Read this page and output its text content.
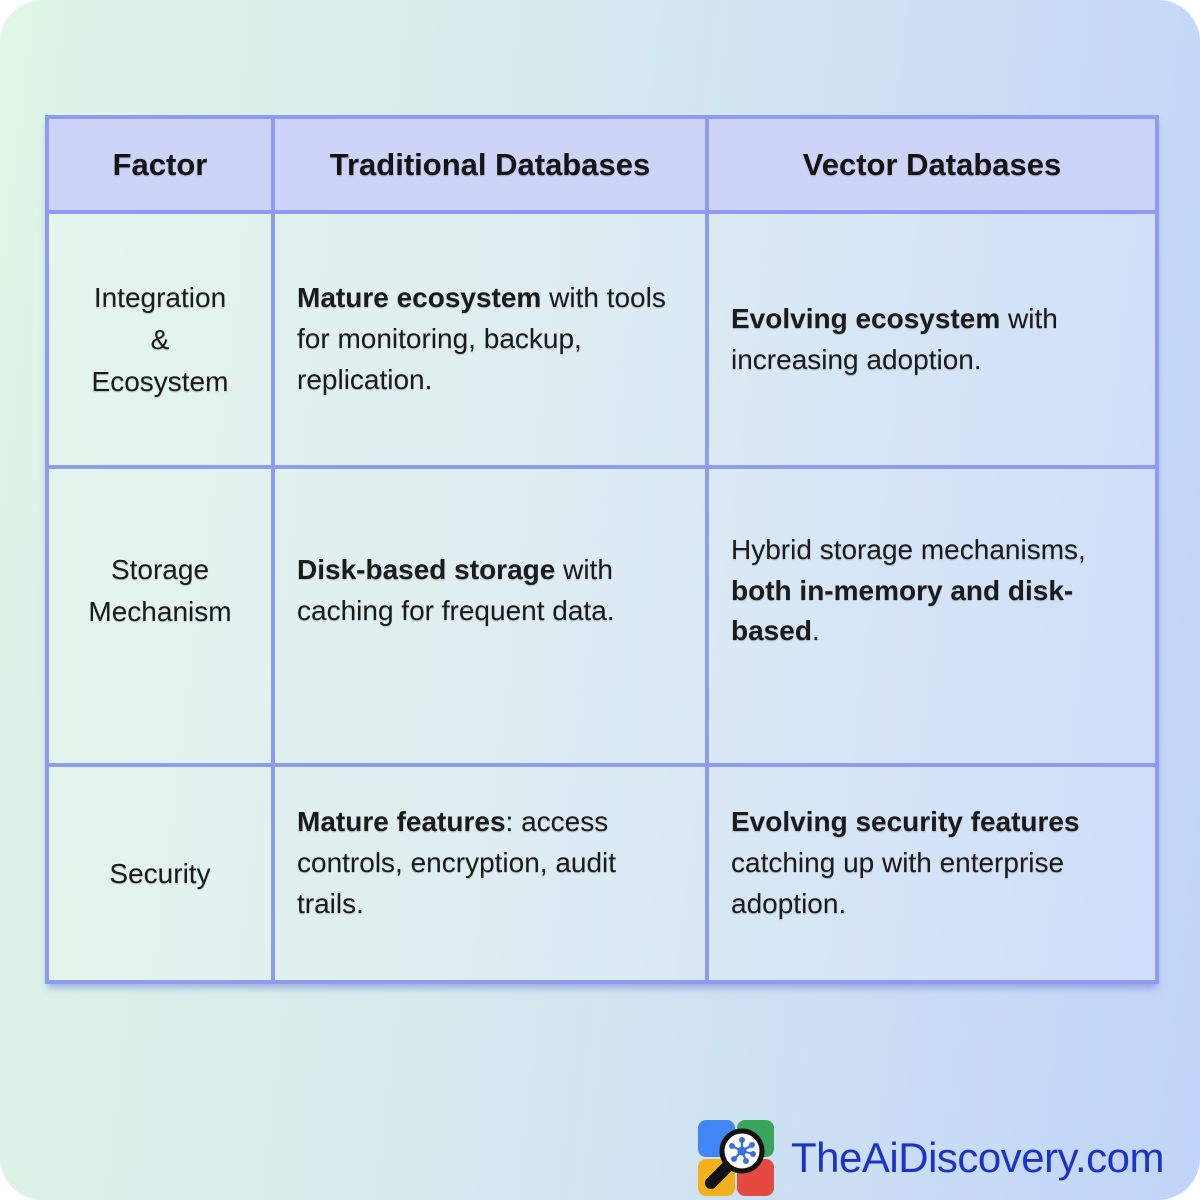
Factor	Traditional Databases	Vector Databases

Integration
&
Ecosystem	Mature ecosystem with tools for monitoring, backup, replication.	Evolving ecosystem with increasing adoption.

Storage
Mechanism	Disk-based storage with caching for frequent data.	Hybrid storage mechanisms, both in-memory and disk-based.

Security	Mature features: access controls, encryption, audit trails.	Evolving security features catching up with enterprise adoption.

TheAiDiscovery.com
